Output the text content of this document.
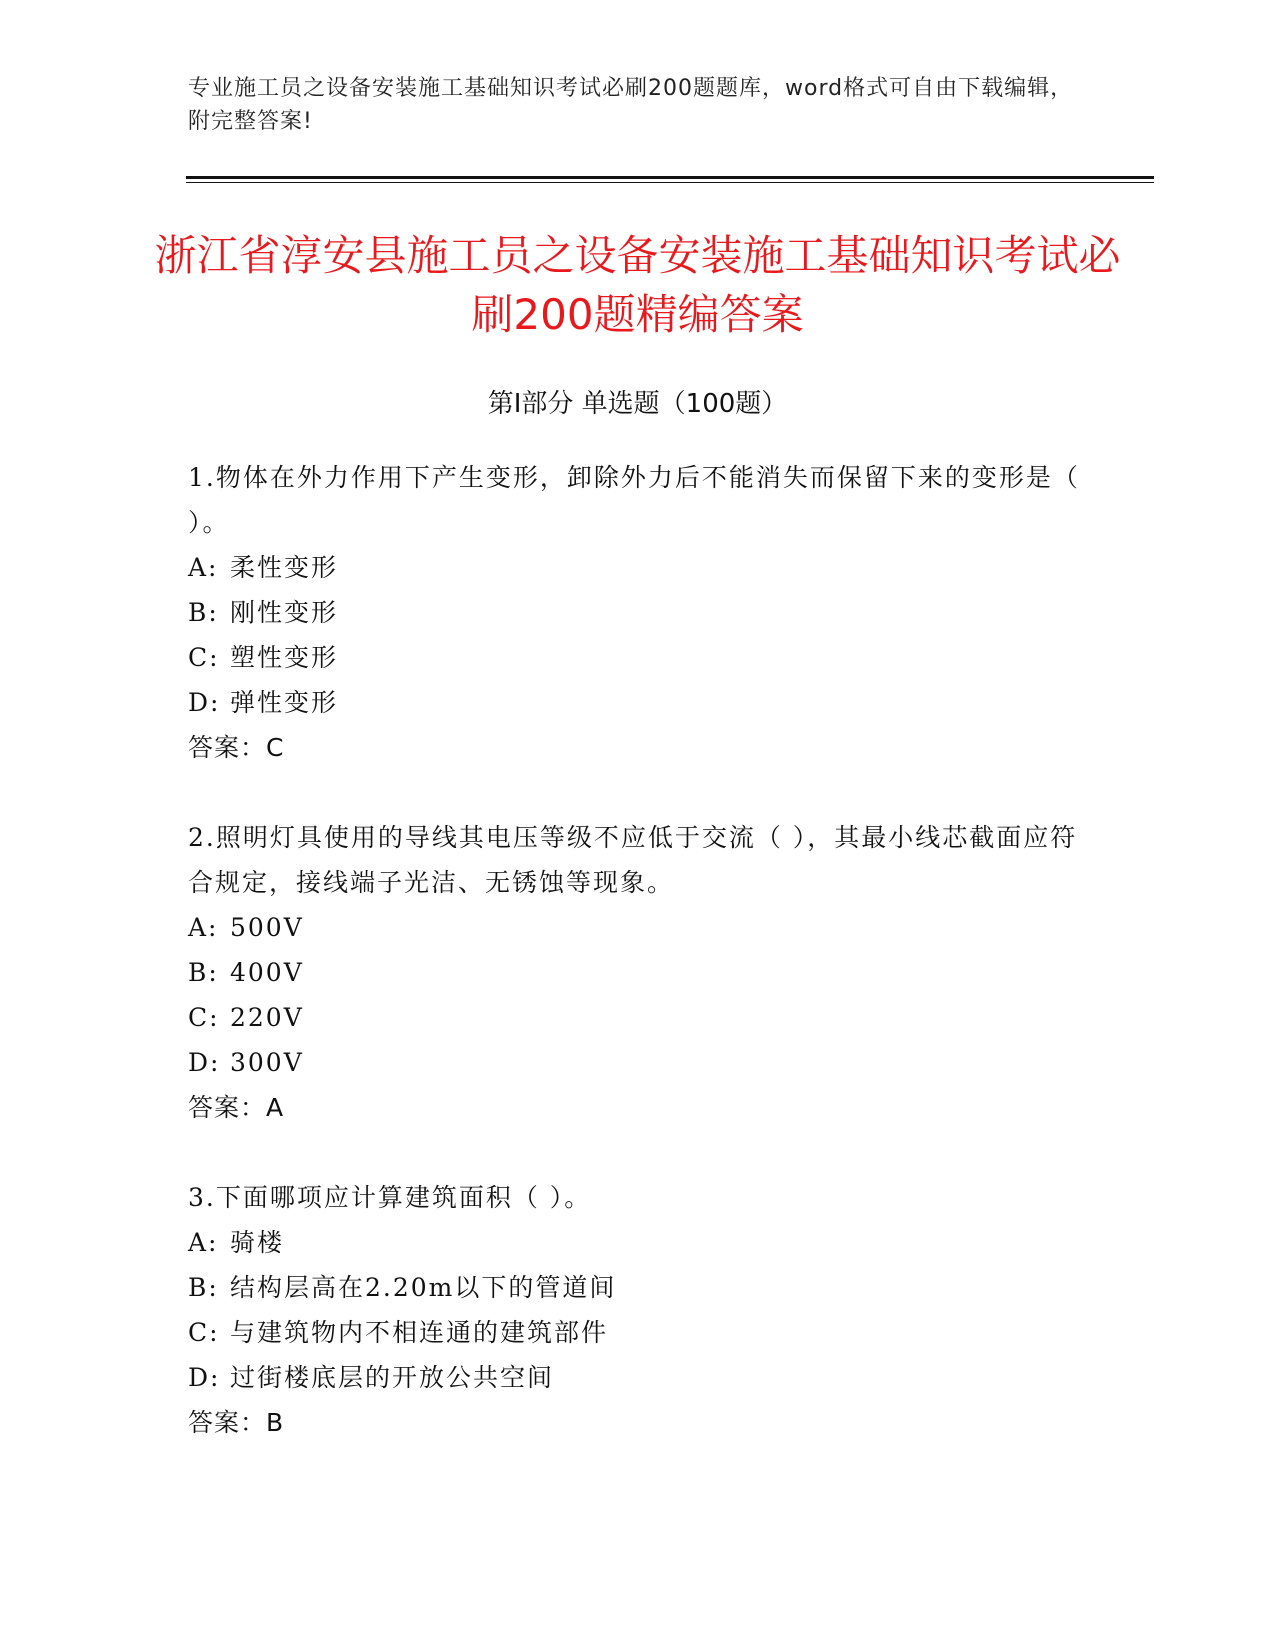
专业施工员之设备安装施工基础知识考试必刷200题题库，word格式可自由下载编辑，附完整答案!
浙江省淳安县施工员之设备安装施工基础知识考试必刷200题精编答案
第Ⅰ部分 单选题（100题）

1.物体在外力作用下产生变形，卸除外力后不能消失而保留下来的变形是（ ）。

A: 柔性变形
B: 刚性变形
C: 塑性变形
D: 弹性变形
答案：C

2.照明灯具使用的导线其电压等级不应低于交流（ ），其最小线芯截面应符合规定，接线端子光洁、无锈蚀等现象。

A: 500V
B: 400V
C: 220V
D: 300V
答案：A

3.下面哪项应计算建筑面积（ ）。

A: 骑楼
B: 结构层高在2.20m以下的管道间
C: 与建筑物内不相连通的建筑部件
D: 过街楼底层的开放公共空间
答案：B
